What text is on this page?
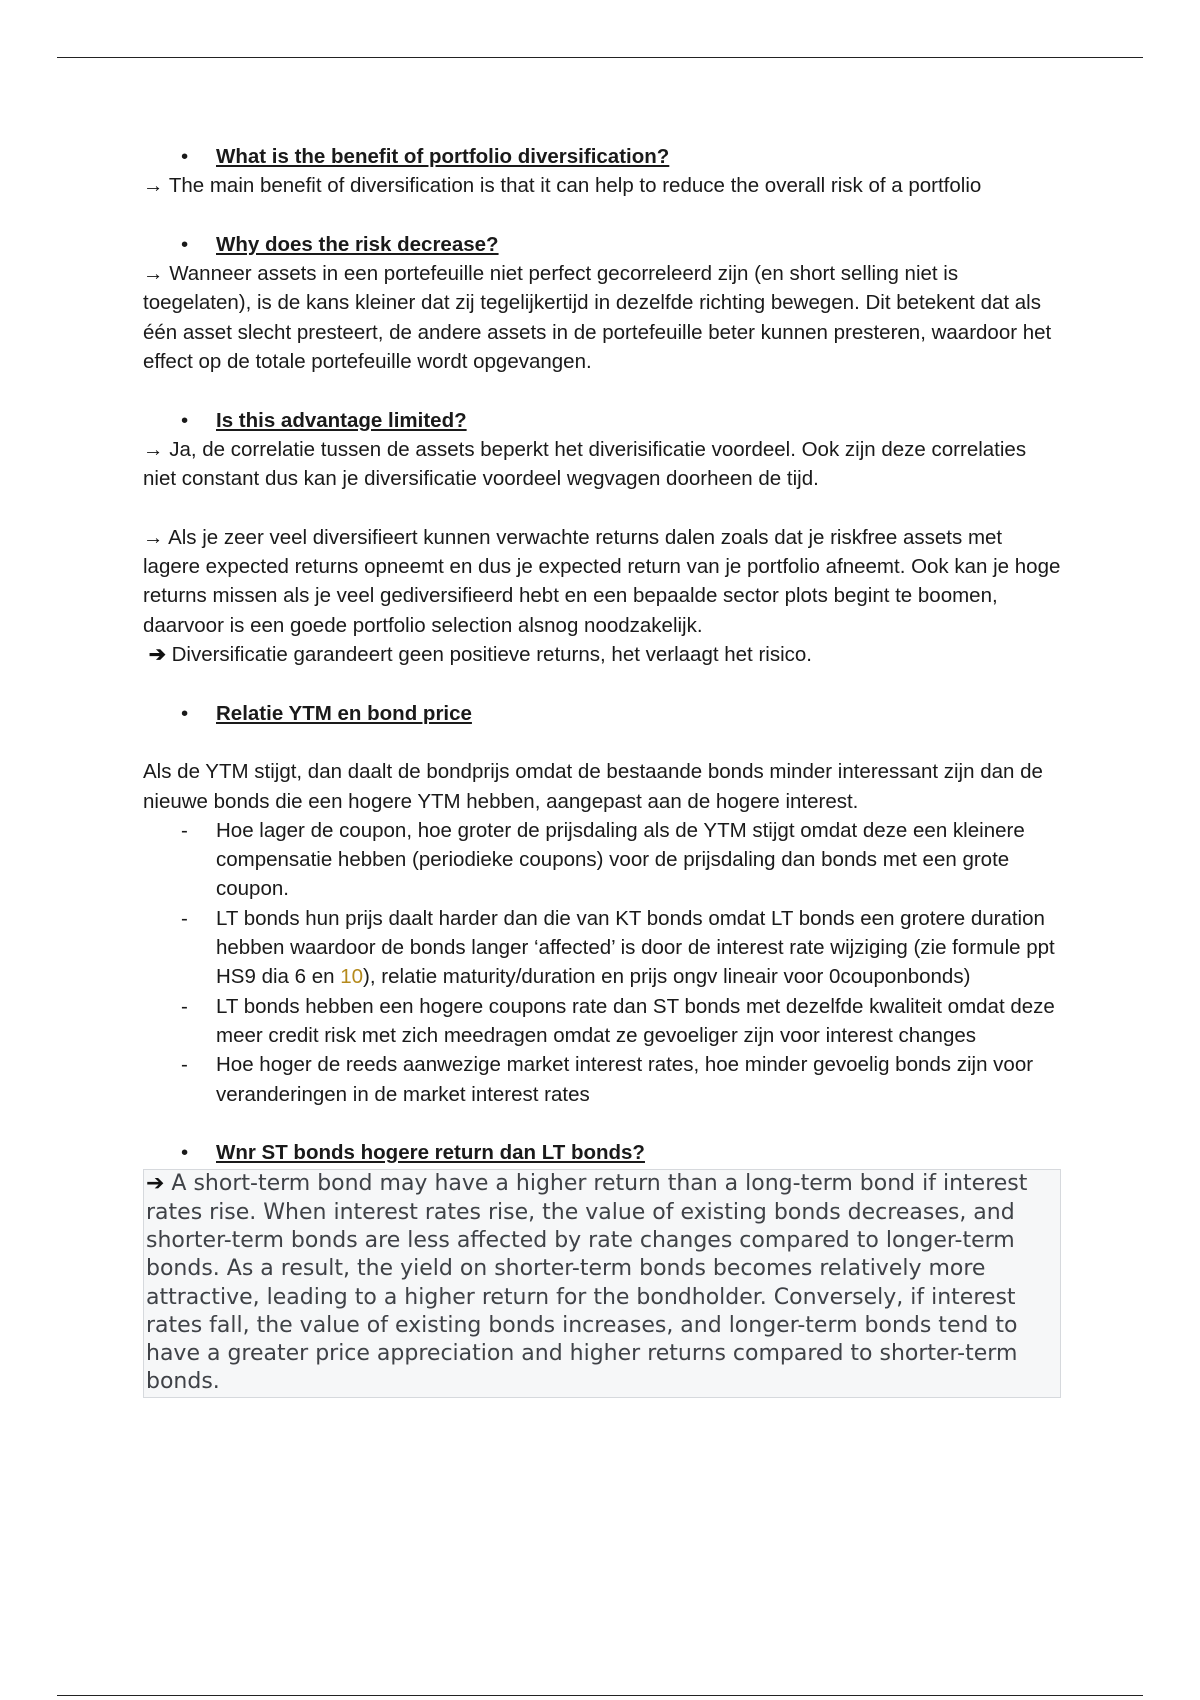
• What is the benefit of portfolio diversification?

→ The main benefit of diversification is that it can help to reduce the overall risk of a portfolio

• Why does the risk decrease?

→ Wanneer assets in een portefeuille niet perfect gecorreleerd zijn (en short selling niet is toegelaten), is de kans kleiner dat zij tegelijkertijd in dezelfde richting bewegen. Dit betekent dat als één asset slecht presteert, de andere assets in de portefeuille beter kunnen presteren, waardoor het effect op de totale portefeuille wordt opgevangen.

• Is this advantage limited?

→ Ja, de correlatie tussen de assets beperkt het diverisificatie voordeel. Ook zijn deze correlaties niet constant dus kan je diversificatie voordeel wegvagen doorheen de tijd.

→ Als je zeer veel diversifieert kunnen verwachte returns dalen zoals dat je riskfree assets met lagere expected returns opneemt en dus je expected return van je portfolio afneemt. Ook kan je hoge returns missen als je veel gediversifieerd hebt en een bepaalde sector plots begint te boomen, daarvoor is een goede portfolio selection alsnog noodzakelijk.

➔ Diversificatie garandeert geen positieve returns, het verlaagt het risico.

• Relatie YTM en bond price

Als de YTM stijgt, dan daalt de bondprijs omdat de bestaande bonds minder interessant zijn dan de nieuwe bonds die een hogere YTM hebben, aangepast aan de hogere interest.

- Hoe lager de coupon, hoe groter de prijsdaling als de YTM stijgt omdat deze een kleinere compensatie hebben (periodieke coupons) voor de prijsdaling dan bonds met een grote coupon.
- LT bonds hun prijs daalt harder dan die van KT bonds omdat LT bonds een grotere duration hebben waardoor de bonds langer ‘affected’ is door de interest rate wijziging (zie formule ppt HS9 dia 6 en 10), relatie maturity/duration en prijs ongv lineair voor 0couponbonds)
- LT bonds hebben een hogere coupons rate dan ST bonds met dezelfde kwaliteit omdat deze meer credit risk met zich meedragen omdat ze gevoeliger zijn voor interest changes
- Hoe hoger de reeds aanwezige market interest rates, hoe minder gevoelig bonds zijn voor veranderingen in de market interest rates
• Wnr ST bonds hogere return dan LT bonds?
➔ A short-term bond may have a higher return than a long-term bond if interest rates rise. When interest rates rise, the value of existing bonds decreases, and shorter-term bonds are less affected by rate changes compared to longer-term bonds. As a result, the yield on shorter-term bonds becomes relatively more attractive, leading to a higher return for the bondholder. Conversely, if interest rates fall, the value of existing bonds increases, and longer-term bonds tend to have a greater price appreciation and higher returns compared to shorter-term bonds.
